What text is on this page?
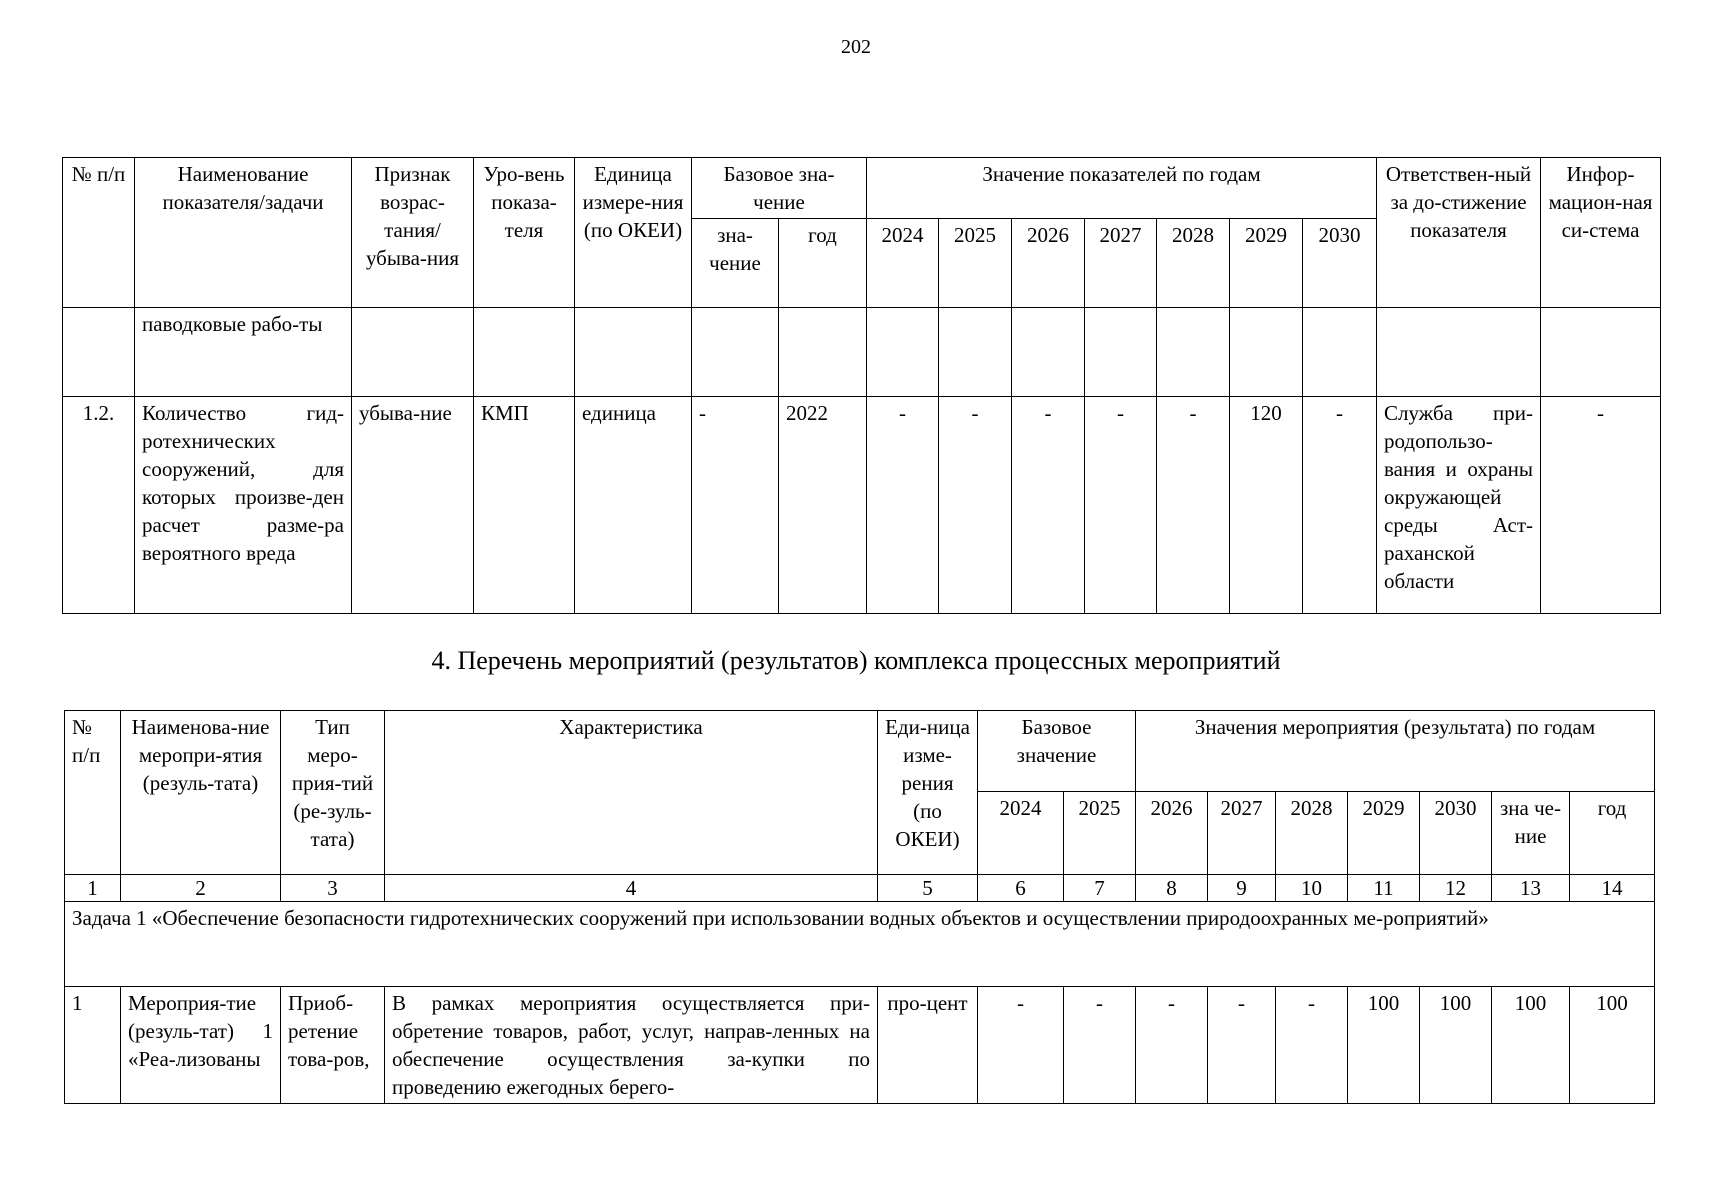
202
№ п/п	Наименование показателя/задачи	Признак возрас-тания/ убыва-ния	Уро-вень показа-теля	Единица измере-ния (по ОКЕИ)	Базовое зна-чение		Значение показателей по годам							Ответствен-ный за до-стижение показателя	Инфор-мацион-ная си-стема
					зна-чение	год	2024	2025	2026	2027	2028	2029	2030		
	паводковые рабо-ты														
1.2.	Количество гид-ротехнических сооружений, для которых произве-ден расчет разме-ра вероятного вреда	убыва-ние	КМП	единица	-	2022	-	-	-	-	-	120	-	Служба при-родопользо-вания и охраны окружающей среды Аст-раханской области	-
4. Перечень мероприятий (результатов) комплекса процессных мероприятий
№ п/п	Наименова-ние меропри-ятия (резуль-тата)	Тип меро-прия-тий (ре-зуль-тата)	Характеристика	Еди-ница изме-рения (по ОКЕИ)	Базовое значение		Значения мероприятия (результата) по годам						
					2024	2025	2026	2027	2028	2029	2030		
												зна че-ние	год
1	2	3	4	5	6	7	8	9	10	11	12	13	14
Задача 1 «Обеспечение безопасности гидротехнических сооружений при использовании водных объектов и осуществлении природоохранных ме-роприятий»													
1	Мероприя-тие (резуль-тат) 1 «Реа-лизованы	Приоб-ретение това-ров,	В рамках мероприятия осуществляется при-обретение товаров, работ, услуг, направ-ленных на обеспечение осуществления за-купки по проведению ежегодных берего-	про-цент	-	-	-	-	-	100	100	100	100
